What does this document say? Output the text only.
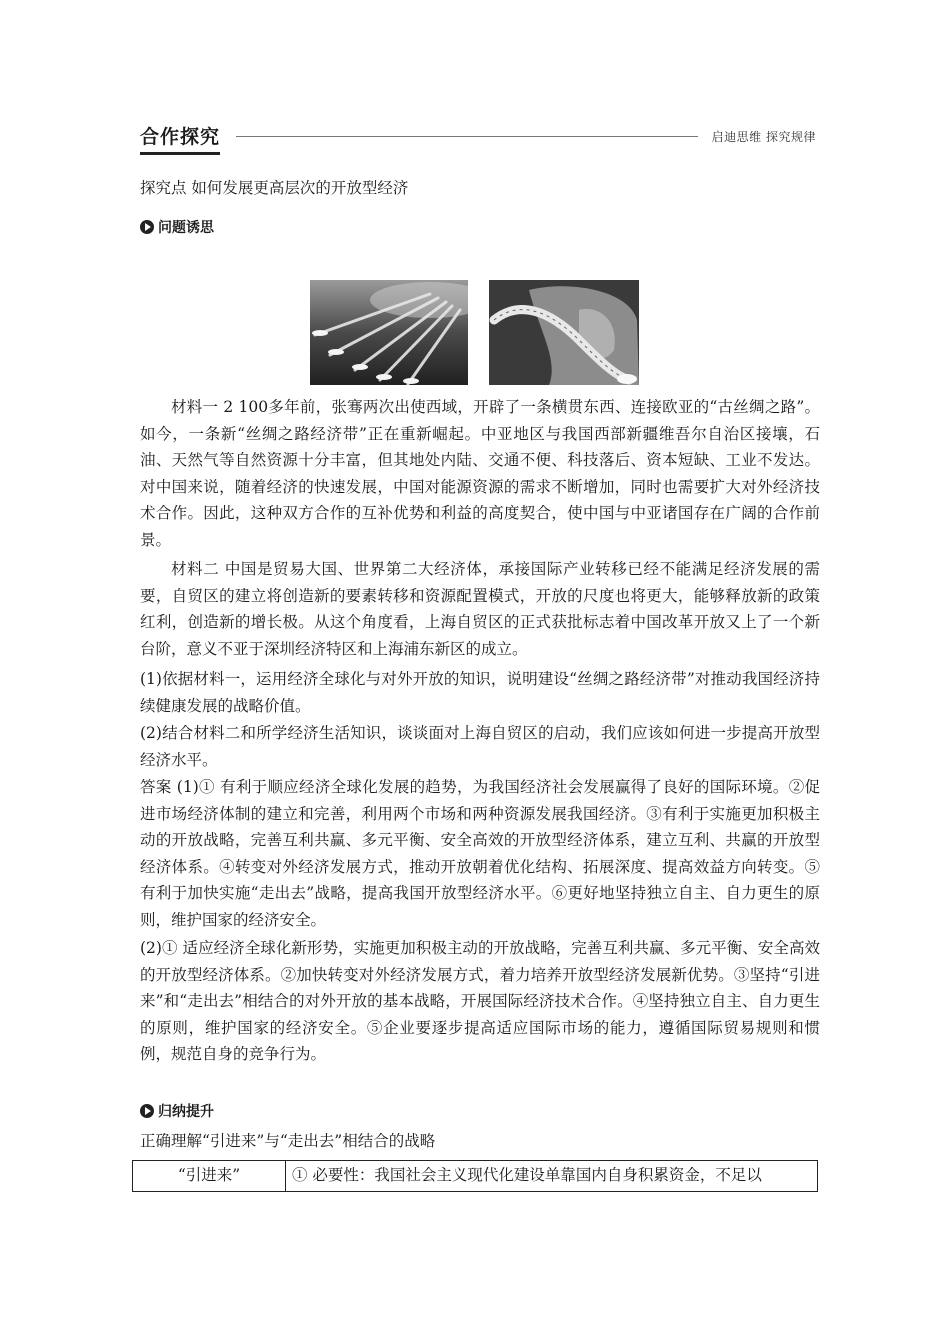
合作探究	启迪思维 探究规律

探究点 如何发展更高层次的开放型经济

问题诱思

材料一 2 100多年前，张骞两次出使西域，开辟了一条横贯东西、连接欧亚的“古丝绸之路”。如今，一条新“丝绸之路经济带”正在重新崛起。中亚地区与我国西部新疆维吾尔自治区接壤，石油、天然气等自然资源十分丰富，但其地处内陆、交通不便、科技落后、资本短缺、工业不发达。对中国来说，随着经济的快速发展，中国对能源资源的需求不断增加，同时也需要扩大对外经济技术合作。因此，这种双方合作的互补优势和利益的高度契合，使中国与中亚诸国存在广阔的合作前景。

材料二 中国是贸易大国、世界第二大经济体，承接国际产业转移已经不能满足经济发展的需要，自贸区的建立将创造新的要素转移和资源配置模式，开放的尺度也将更大，能够释放新的政策红利，创造新的增长极。从这个角度看，上海自贸区的正式获批标志着中国改革开放又上了一个新台阶，意义不亚于深圳经济特区和上海浦东新区的成立。

(1)依据材料一，运用经济全球化与对外开放的知识，说明建设“丝绸之路经济带”对推动我国经济持续健康发展的战略价值。

(2)结合材料二和所学经济生活知识，谈谈面对上海自贸区的启动，我们应该如何进一步提高开放型经济水平。

答案 (1)① 有利于顺应经济全球化发展的趋势，为我国经济社会发展赢得了良好的国际环境。②促进市场经济体制的建立和完善，利用两个市场和两种资源发展我国经济。③有利于实施更加积极主动的开放战略，完善互利共赢、多元平衡、安全高效的开放型经济体系，建立互利、共赢的开放型经济体系。④转变对外经济发展方式，推动开放朝着优化结构、拓展深度、提高效益方向转变。⑤有利于加快实施“走出去”战略，提高我国开放型经济水平。⑥更好地坚持独立自主、自力更生的原则，维护国家的经济安全。

(2)① 适应经济全球化新形势，实施更加积极主动的开放战略，完善互利共赢、多元平衡、安全高效的开放型经济体系。②加快转变对外经济发展方式，着力培养开放型经济发展新优势。③坚持“引进来”和“走出去”相结合的对外开放的基本战略，开展国际经济技术合作。④坚持独立自主、自力更生的原则，维护国家的经济安全。⑤企业要逐步提高适应国际市场的能力，遵循国际贸易规则和惯例，规范自身的竞争行为。

归纳提升

正确理解“引进来”与“走出去”相结合的战略

“引进来”	① 必要性：我国社会主义现代化建设单靠国内自身积累资金，不足以
